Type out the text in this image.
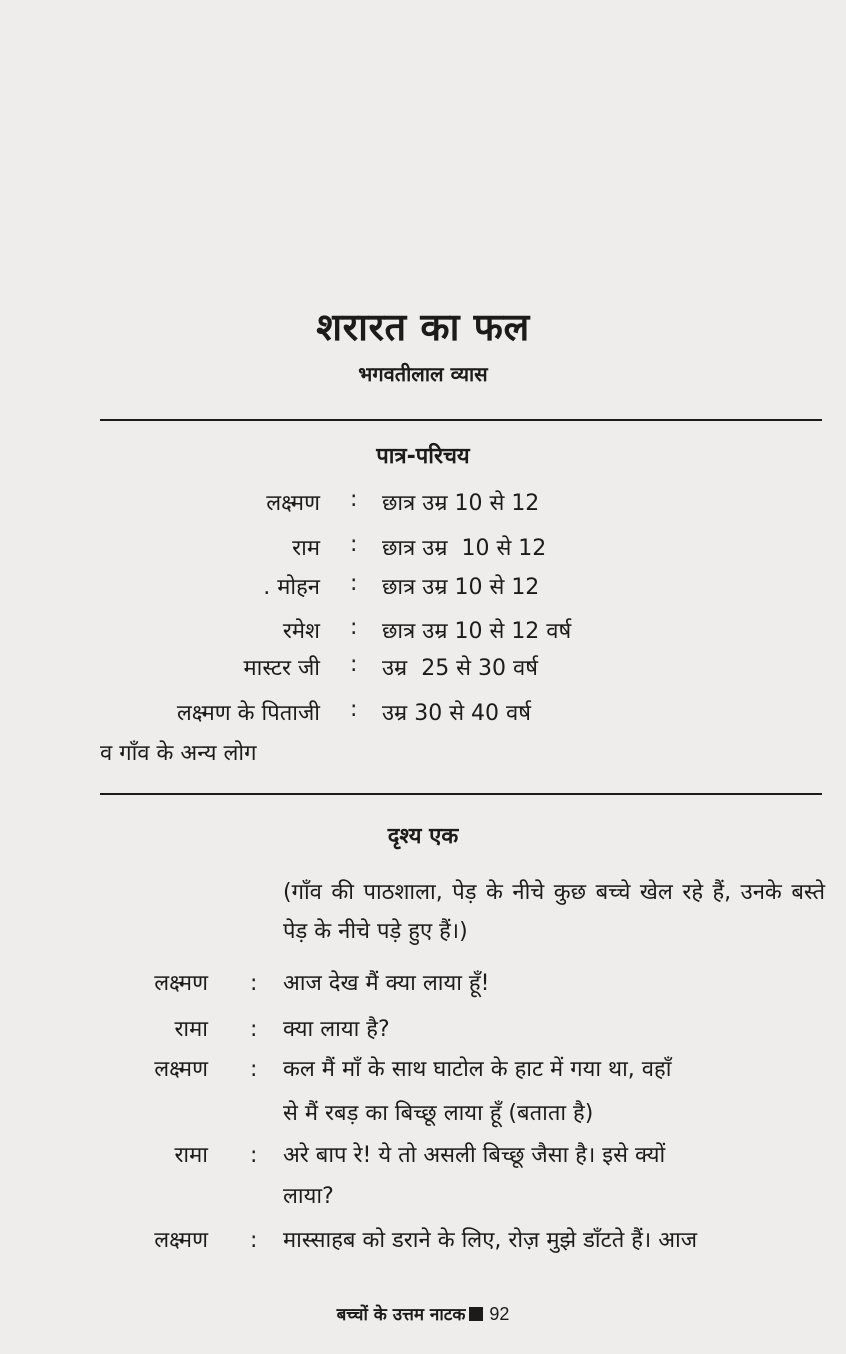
शरारत का फल
भगवतीलाल व्यास
पात्र-परिचय
लक्ष्मण : छात्र उम्र 10 से 12
राम : छात्र उम्र  10 से 12
. मोहन : छात्र उम्र 10 से 12
रमेश : छात्र उम्र 10 से 12 वर्ष
मास्टर जी : उम्र  25 से 30 वर्ष
लक्ष्मण के पिताजी : उम्र 30 से 40 वर्ष
व गाँव के अन्य लोग
दृश्य एक
(गाँव की पाठशाला, पेड़ के नीचे कुछ बच्चे खेल रहे हैं, उनके बस्ते पेड़ के नीचे पड़े हुए हैं।)
लक्ष्मण : आज देख मैं क्या लाया हूँ!
रामा : क्या लाया है?
लक्ष्मण : कल मैं माँ के साथ घाटोल के हाट में गया था, वहाँ
से मैं रबड़ का बिच्छू लाया हूँ (बताता है)
रामा : अरे बाप रे! ये तो असली बिच्छू जैसा है। इसे क्यों
लाया?
लक्ष्मण : मास्साहब को डराने के लिए, रोज़ मुझे डाँटते हैं। आज
बच्चों के उत्तम नाटक 92
